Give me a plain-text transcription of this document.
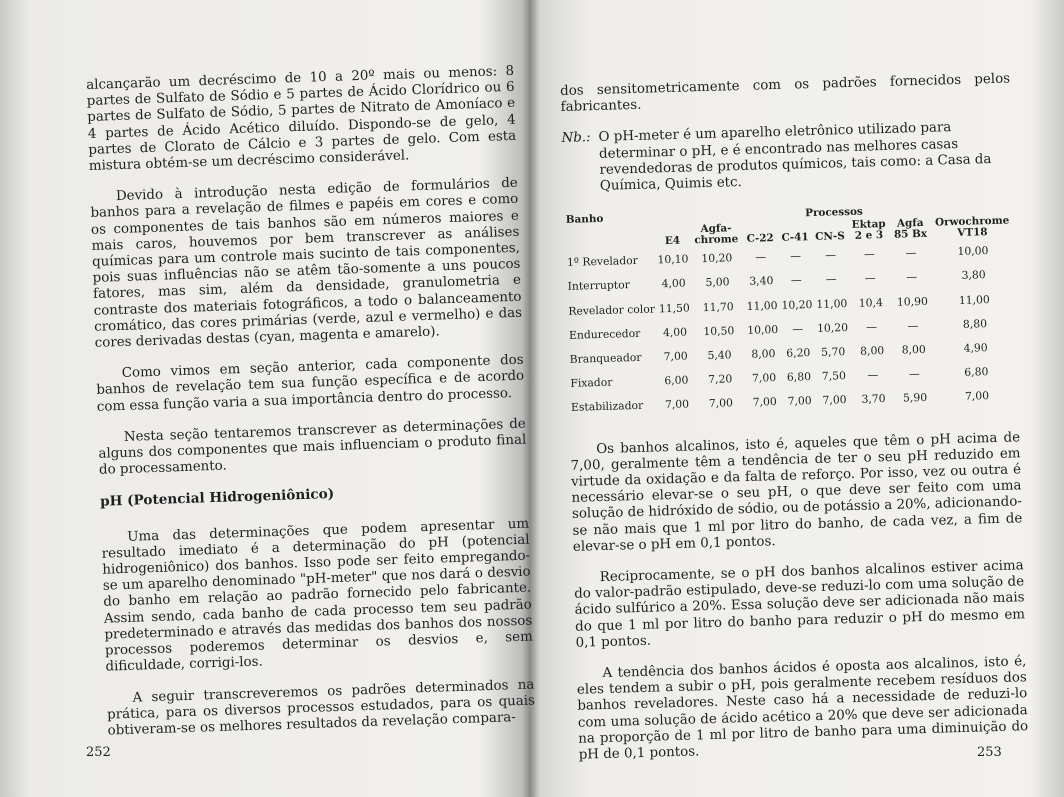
alcançarão um decréscimo de 10 a 20º mais ou menos: 8 partes de Sulfato de Sódio e 5 partes de Ácido Clorídrico ou 6 partes de Sulfato de Sódio, 5 partes de Nitrato de Amoníaco e 4 partes de Ácido Acético diluído. Dispondo-se de gelo, 4 partes de Clorato de Cálcio e 3 partes de gelo. Com esta mistura obtém-se um decréscimo considerável.

Devido à introdução nesta edição de formulários de banhos para a revelação de filmes e papéis em cores e como os componentes de tais banhos são em números maiores e mais caros, houvemos por bem transcrever as análises químicas para um controle mais sucinto de tais componentes, pois suas influências não se atêm tão-somente a uns poucos fatores, mas sim, além da densidade, granulometria e contraste dos materiais fotográficos, a todo o balanceamento cromático, das cores primárias (verde, azul e vermelho) e das cores derivadas destas (cyan, magenta e amarelo).

Como vimos em seção anterior, cada componente dos banhos de revelação tem sua função específica e de acordo com essa função varia a sua importância dentro do processo.

Nesta seção tentaremos transcrever as determinações de alguns dos componentes que mais influenciam o produto final do processamento.

pH (Potencial Hidrogeniônico)

Uma das determinações que podem apresentar um resultado imediato é a determinação do pH (potencial hidrogeniônico) dos banhos. Isso pode ser feito empregando-se um aparelho denominado "pH-meter" que nos dará o desvio do banho em relação ao padrão fornecido pelo fabricante. Assim sendo, cada banho de cada processo tem seu padrão predeterminado e através das medidas dos banhos dos nossos processos poderemos determinar os desvios e, sem dificuldade, corrigi-los.

A seguir transcreveremos os padrões determinados na prática, para os diversos processos estudados, para os quais obtiveram-se os melhores resultados da revelação compara-

252

dos sensitometricamente com os padrões fornecidos pelos fabricantes.

Nb.: O pH-meter é um aparelho eletrônico utilizado para determinar o pH, e é encontrado nas melhores casas revendedoras de produtos químicos, tais como: a Casa da Química, Quimis etc.
Banho	Processos							
	E4	Agfa-chrome	C-22	C-41	CN-S	Ektap 2 e 3	Agfa 85 Bx	Orwochrome VT18
1º Revelador	10,10	10,20	—	—	—	—	—	10,00
Interruptor	4,00	5,00	3,40	—	—	—	—	3,80
Revelador color	11,50	11,70	11,00	10,20	11,00	10,4	10,90	11,00
Endurecedor	4,00	10,50	10,00	—	10,20	—	—	8,80
Branqueador	7,00	5,40	8,00	6,20	5,70	8,00	8,00	4,90
Fixador	6,00	7,20	7,00	6,80	7,50	—	—	6,80
Estabilizador	7,00	7,00	7,00	7,00	7,00	3,70	5,90	7,00

Os banhos alcalinos, isto é, aqueles que têm o pH acima de 7,00, geralmente têm a tendência de ter o seu pH reduzido em virtude da oxidação e da falta de reforço. Por isso, vez ou outra é necessário elevar-se o seu pH, o que deve ser feito com uma solução de hidróxido de sódio, ou de potássio a 20%, adicionando-se não mais que 1 ml por litro do banho, de cada vez, a fim de elevar-se o pH em 0,1 pontos.

Reciprocamente, se o pH dos banhos alcalinos estiver acima do valor-padrão estipulado, deve-se reduzi-lo com uma solução de ácido sulfúrico a 20%. Essa solução deve ser adicionada não mais do que 1 ml por litro do banho para reduzir o pH do mesmo em 0,1 pontos.

A tendência dos banhos ácidos é oposta aos alcalinos, isto é, eles tendem a subir o pH, pois geralmente recebem resíduos dos banhos reveladores. Neste caso há a necessidade de reduzi-lo com uma solução de ácido acético a 20% que deve ser adicionada na proporção de 1 ml por litro de banho para uma diminuição do pH de 0,1 pontos.	253
